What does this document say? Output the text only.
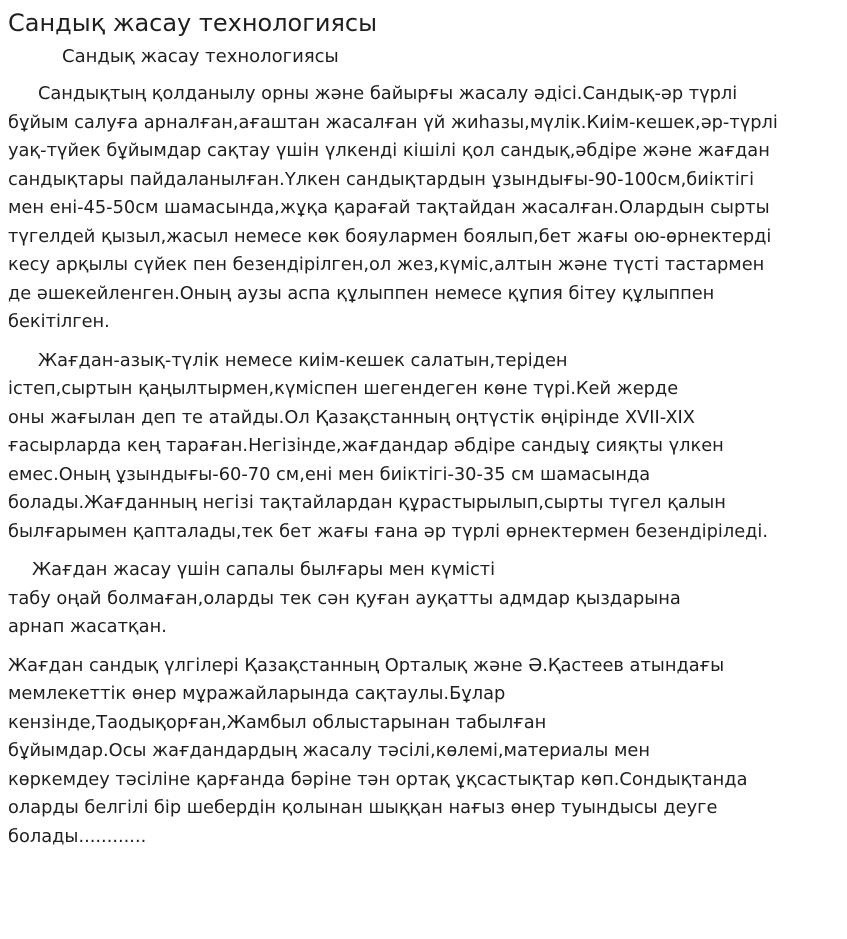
Сандық жасау технологиясы
Сандық жасау технологиясы
Сандықтың қолданылу орны және байырғы жасалу әдісі.Сандық-әр түрлі
бұйым салуға арналған,ағаштан жасалған үй жиһазы,мүлік.Киім-кешек,әр-түрлі
уақ-түйек бұйымдар сақтау үшін үлкенді кішілі қол сандық,әбдіре және жағдан
сандықтары пайдаланылған.Үлкен сандықтардын ұзындығы-90-100см,биіктігі
мен ені-45-50см шамасында,жұқа қарағай тақтайдан жасалған.Олардын сырты
түгелдей қызыл,жасыл немесе көк бояулармен боялып,бет жағы ою-өрнектерді
кесу арқылы сүйек пен безендірілген,ол жез,күміс,алтын және түсті тастармен
де әшекейленген.Оның аузы аспа құлыппен немесе құпия бітеу құлыппен
бекітілген.
Жағдан-азық-түлік немесе киім-кешек салатын,теріден
істеп,сыртын қаңылтырмен,күміспен шегендеген көне түрі.Кей жерде
оны жағылан деп те атайды.Ол Қазақстанның оңтүстік өңірінде XVII-XIX
ғасырларда кең тараған.Негізінде,жағдандар әбдіре сандыұ сияқты үлкен
емес.Оның ұзындығы-60-70 см,ені мен биіктігі-30-35 см шамасында
болады.Жағданның негізі тақтайлардан құрастырылып,сырты түгел қалын
былғарымен қапталады,тек бет жағы ғана әр түрлі өрнектермен безендіріледі.
Жағдан жасау үшін сапалы былғары мен күмісті
табу оңай болмаған,оларды тек сән қуған ауқатты адмдар қыздарына
арнап жасатқан.
Жағдан сандық үлгілері Қазақстанның Орталық және Ә.Қастеев атындағы
мемлекеттік өнер мұражайларында сақтаулы.Бұлар
кензінде,Таодықорған,Жамбыл облыстарынан табылған
бұйымдар.Осы жағдандардың жасалу тәсілі,көлемі,материалы мен
көркемдеу тәсіліне қарғанда бәріне тән ортақ ұқсастықтар көп.Сондықтанда
оларды белгілі бір шебердін қолынан шыққан нағыз өнер туындысы деуге
болады............
